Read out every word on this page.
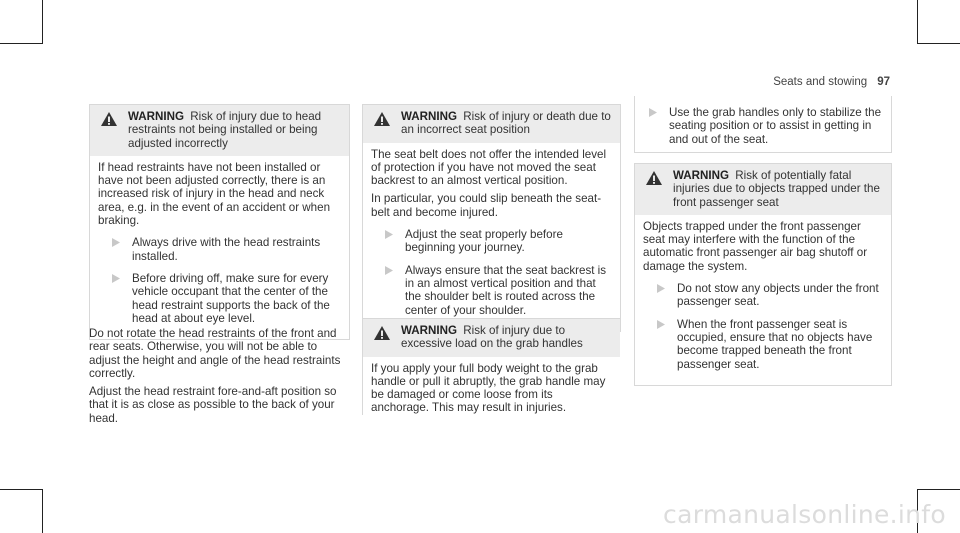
Seats and stowing 97
WARNING Risk of injury due to head restraints not being installed or being adjusted incorrectly

If head restraints have not been installed or have not been adjusted correctly, there is an increased risk of injury in the head and neck area, e.g. in the event of an accident or when braking.

Always drive with the head restraints installed.
Before driving off, make sure for every vehicle occupant that the center of the head restraint supports the back of the head at about eye level.

Do not rotate the head restraints of the front and rear seats. Otherwise, you will not be able to adjust the height and angle of the head restraints correctly.

Adjust the head restraint fore-and-aft position so that it is as close as possible to the back of your head.

WARNING Risk of injury or death due to an incorrect seat position

The seat belt does not offer the intended level of protection if you have not moved the seat backrest to an almost vertical position.

In particular, you could slip beneath the seat-belt and become injured.

Adjust the seat properly before beginning your journey.
Always ensure that the seat backrest is in an almost vertical position and that the shoulder belt is routed across the center of your shoulder.
WARNING Risk of injury due to excessive load on the grab handles

If you apply your full body weight to the grab handle or pull it abruptly, the grab handle may be damaged or come loose from its anchorage. This may result in injuries.

Use the grab handles only to stabilize the seating position or to assist in getting in and out of the seat.
WARNING Risk of potentially fatal injuries due to objects trapped under the front passenger seat

Objects trapped under the front passenger seat may interfere with the function of the automatic front passenger air bag shutoff or damage the system.

Do not stow any objects under the front passenger seat.
When the front passenger seat is occupied, ensure that no objects have become trapped beneath the front passenger seat.
carmanualsonline.info
